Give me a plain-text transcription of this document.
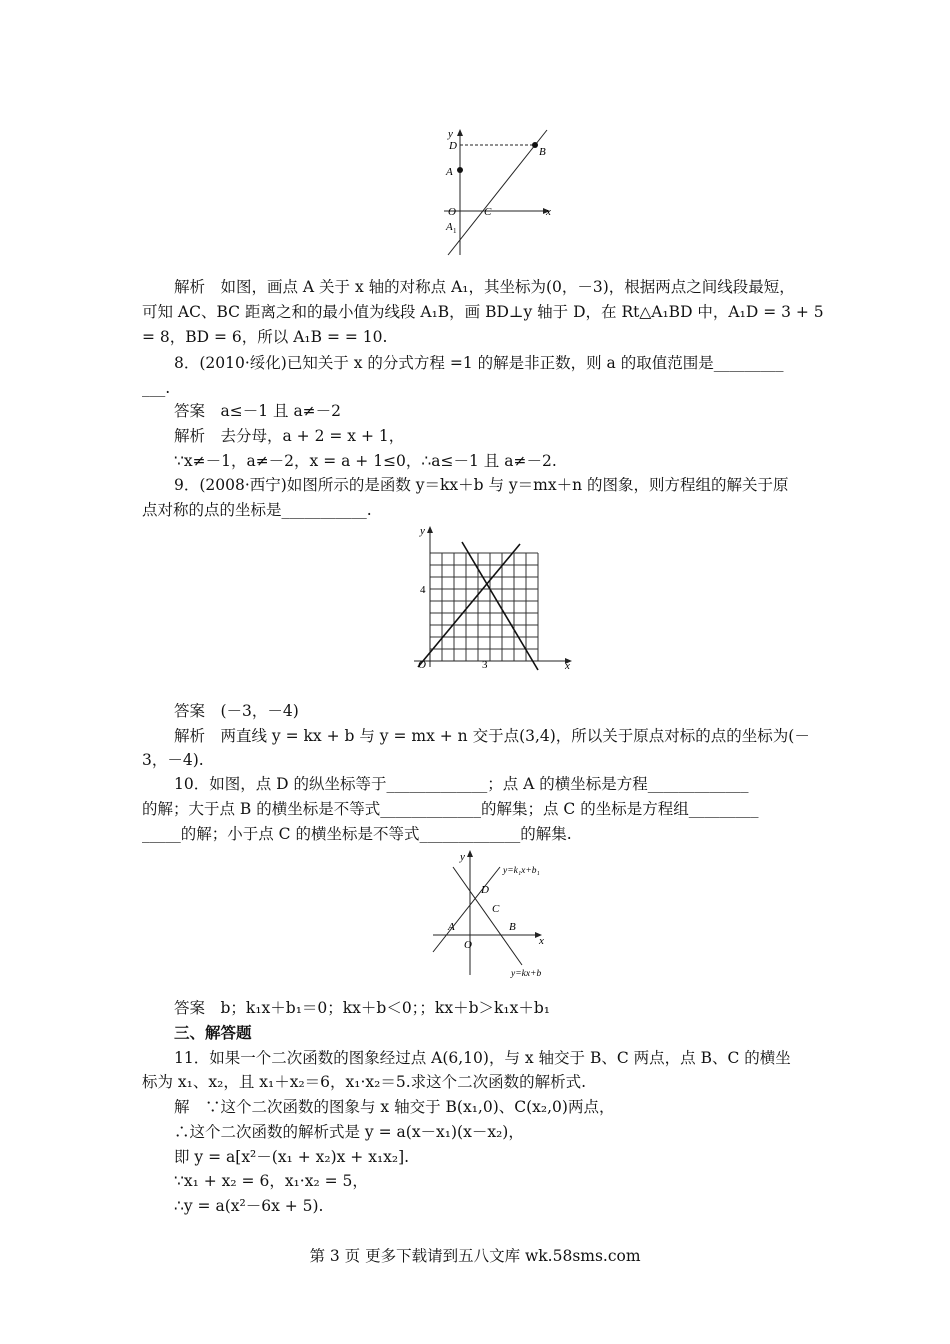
y
D	B
A
O	C	x
A 1
解析　如图，画点 A 关于 x 轴的对称点 A₁，其坐标为(0，－3)，根据两点之间线段最短，
可知 AC、BC 距离之和的最小值为线段 A₁B，画 BD⊥y 轴于 D，在 Rt△A₁BD 中，A₁D = 3 + 5
= 8，BD = 6，所以 A₁B = = 10.
8．(2010·绥化)已知关于 x 的分式方程 =1 的解是非正数，则 a 的取值范围是_________
___.
答案　a≤－1 且 a≠－2
解析　去分母，a + 2 = x + 1，
∵x≠－1，a≠－2，x = a + 1≤0，∴a≤－1 且 a≠－2.
9．(2008·西宁)如图所示的是函数 y＝kx＋b 与 y＝mx＋n 的图象，则方程组的解关于原
点对称的点的坐标是___________.
y
4
O	3	x
答案　(－3，－4)
解析　两直线 y = kx + b 与 y = mx + n 交于点(3,4)，所以关于原点对标的点的坐标为(－
3，－4).
10．如图，点 D 的纵坐标等于_____________；点 A 的横坐标是方程_____________
的解；大于点 B 的横坐标是不等式_____________的解集；点 C 的坐标是方程组_________
_____的解；小于点 C 的横坐标是不等式_____________的解集.
y
y=k₁x+b₁
D
C
A	B
O	x
y=kx+b
答案　b；k₁x＋b₁＝0；kx＋b＜0；；kx＋b＞k₁x＋b₁
三、解答题
11．如果一个二次函数的图象经过点 A(6,10)，与 x 轴交于 B、C 两点，点 B、C 的横坐
标为 x₁、x₂，且 x₁＋x₂＝6，x₁·x₂＝5.求这个二次函数的解析式.
解　∵这个二次函数的图象与 x 轴交于 B(x₁,0)、C(x₂,0)两点，
∴这个二次函数的解析式是 y = a(x－x₁)(x－x₂)，
即 y = a[x²－(x₁ + x₂)x + x₁x₂].
∵x₁ + x₂ = 6，x₁·x₂ = 5，
∴y = a(x²－6x + 5).
第 3 页 更多下载请到五八文库 wk.58sms.com
